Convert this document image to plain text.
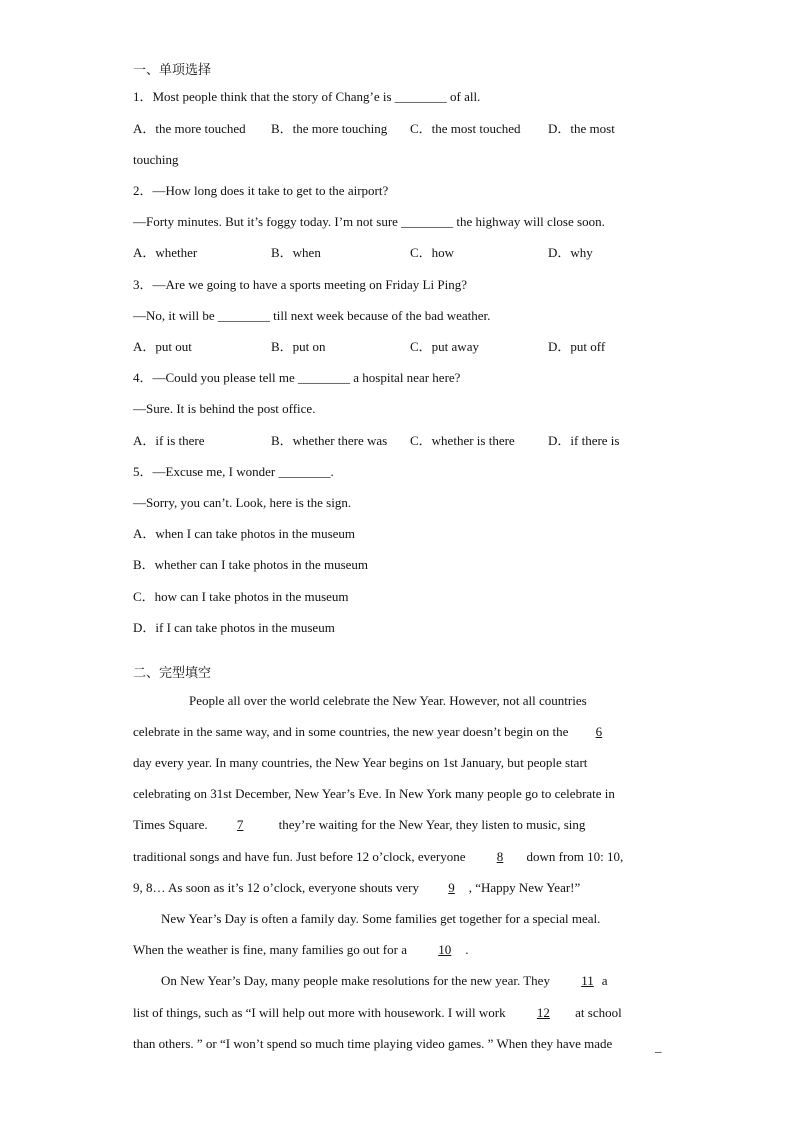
一、单项选择
1．Most people think that the story of Chang’e is ________ of all.
A．the more touched B．the more touching C．the most touched D．the most
touching
2．—How long does it take to get to the airport?
—Forty minutes. But it’s foggy today. I’m not sure ________ the highway will close soon.
A．whether	B．when	C．how	D．why
3．—Are we going to have a sports meeting on Friday Li Ping?
—No, it will be ________ till next week because of the bad weather.
A．put out	B．put on	C．put away	D．put off
4．—Could you please tell me ________ a hospital near here?
—Sure. It is behind the post office.
A．if is there	B．whether there was C．whether is there	D．if there is
5．—Excuse me, I wonder ________.
—Sorry, you can’t. Look, here is the sign.
A．when I can take photos in the museum
B．whether can I take photos in the museum
C．how can I take photos in the museum
D．if I can take photos in the museum
二、完型填空
People all over the world celebrate the New Year. However, not all countries
celebrate in the same way, and in some countries, the new year doesn’t begin on the 6
day every year. In many countries, the New Year begins on 1st January, but people start
celebrating on 31st December, New Year’s Eve. In New York many people go to celebrate in
Times Square. 7	they’re waiting for the New Year, they listen to music, sing
traditional songs and have fun. Just before 12 o’clock, everyone 8 down from 10: 10,
9, 8… As soon as it’s 12 o’clock, everyone shouts very 9 , “Happy New Year!”
New Year’s Day is often a family day. Some families get together for a special meal.
When the weather is fine, many families go out for a 10 .
On New Year’s Day, many people make resolutions for the new year. They 11 a
list of things, such as “I will help out more with housework. I will work 12 at school
than others. ” or “I won’t spend so much time playing video games. ” When they have made	_
